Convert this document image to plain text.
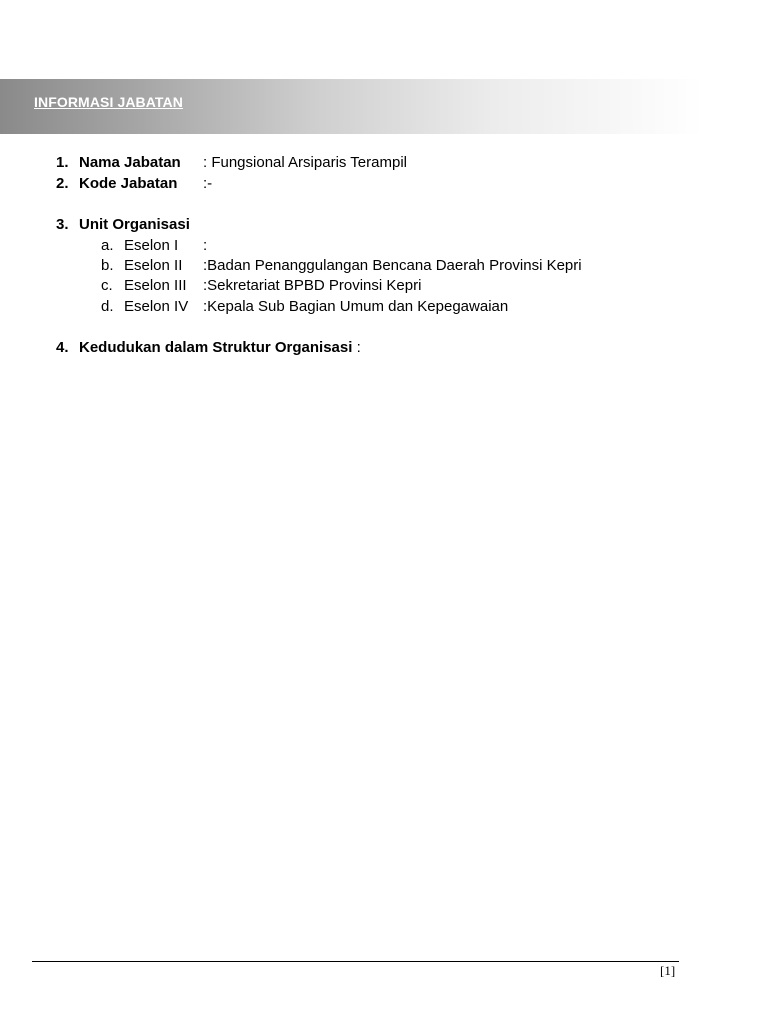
INFORMASI JABATAN
1. Nama Jabatan : Fungsional Arsiparis Terampil
2. Kode Jabatan :-
3. Unit Organisasi
a. Eselon I :
b. Eselon II :Badan Penanggulangan Bencana Daerah Provinsi Kepri
c. Eselon III :Sekretariat BPBD Provinsi Kepri
d. Eselon IV :Kepala Sub Bagian Umum dan Kepegawaian
4. Kedudukan dalam Struktur Organisasi :
[1]
